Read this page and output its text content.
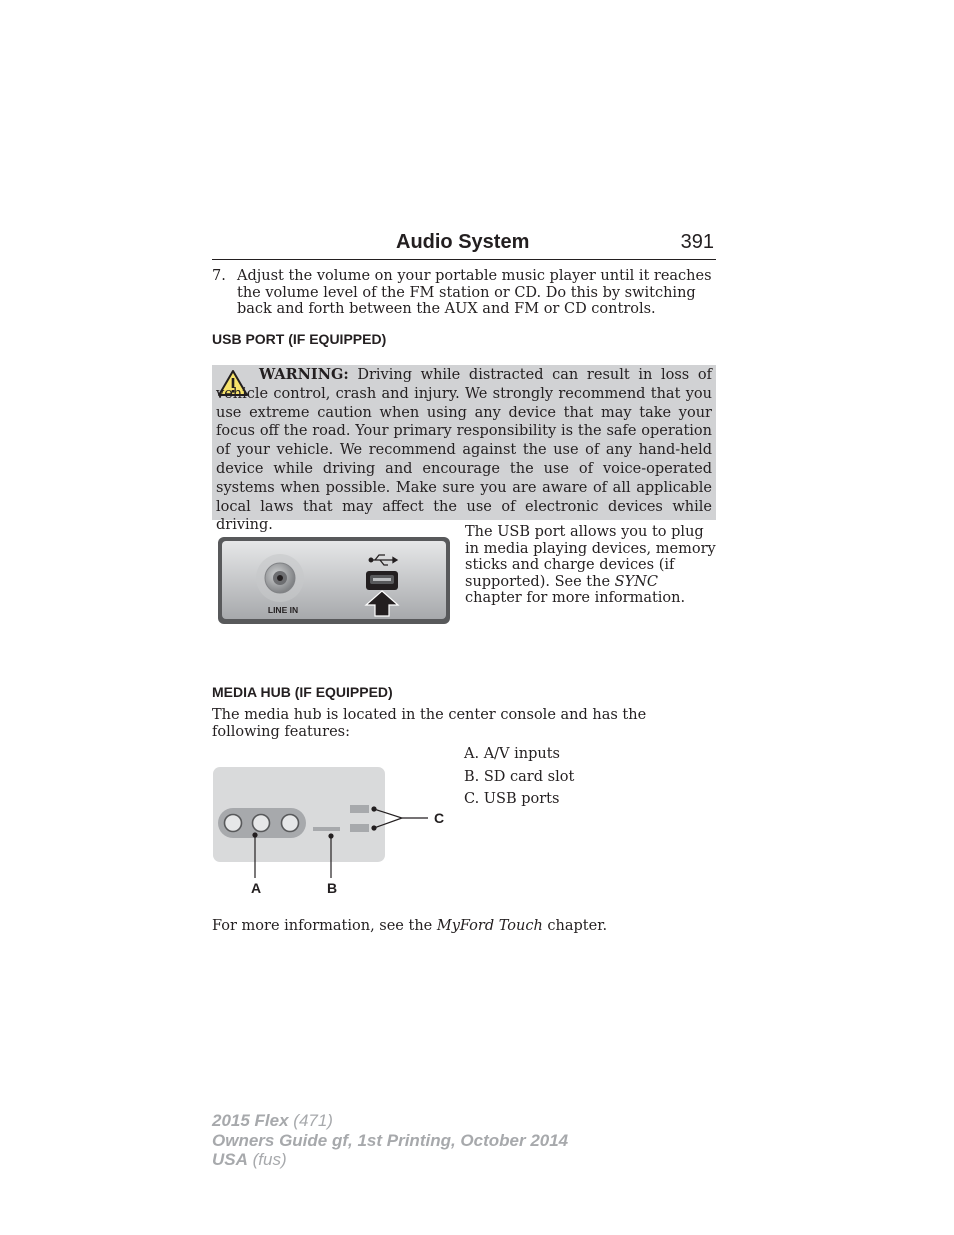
Audio System	391
7. Adjust the volume on your portable music player until it reaches the volume level of the FM station or CD. Do this by switching back and forth between the AUX and FM or CD controls.
USB PORT (IF EQUIPPED)
WARNING: Driving while distracted can result in loss of vehicle control, crash and injury. We strongly recommend that you use extreme caution when using any device that may take your focus off the road. Your primary responsibility is the safe operation of your vehicle. We recommend against the use of any hand-held device while driving and encourage the use of voice-operated systems when possible. Make sure you are aware of all applicable local laws that may affect the use of electronic devices while driving.
LINE IN
The USB port allows you to plug in media playing devices, memory sticks and charge devices (if supported). See the SYNC chapter for more information.
MEDIA HUB (IF EQUIPPED)
The media hub is located in the center console and has the following features:
A. A/V inputs
B. SD card slot
C. USB ports
A	B
C
For more information, see the MyFord Touch chapter.
2015 Flex (471)
Owners Guide gf, 1st Printing, October 2014
USA (fus)
